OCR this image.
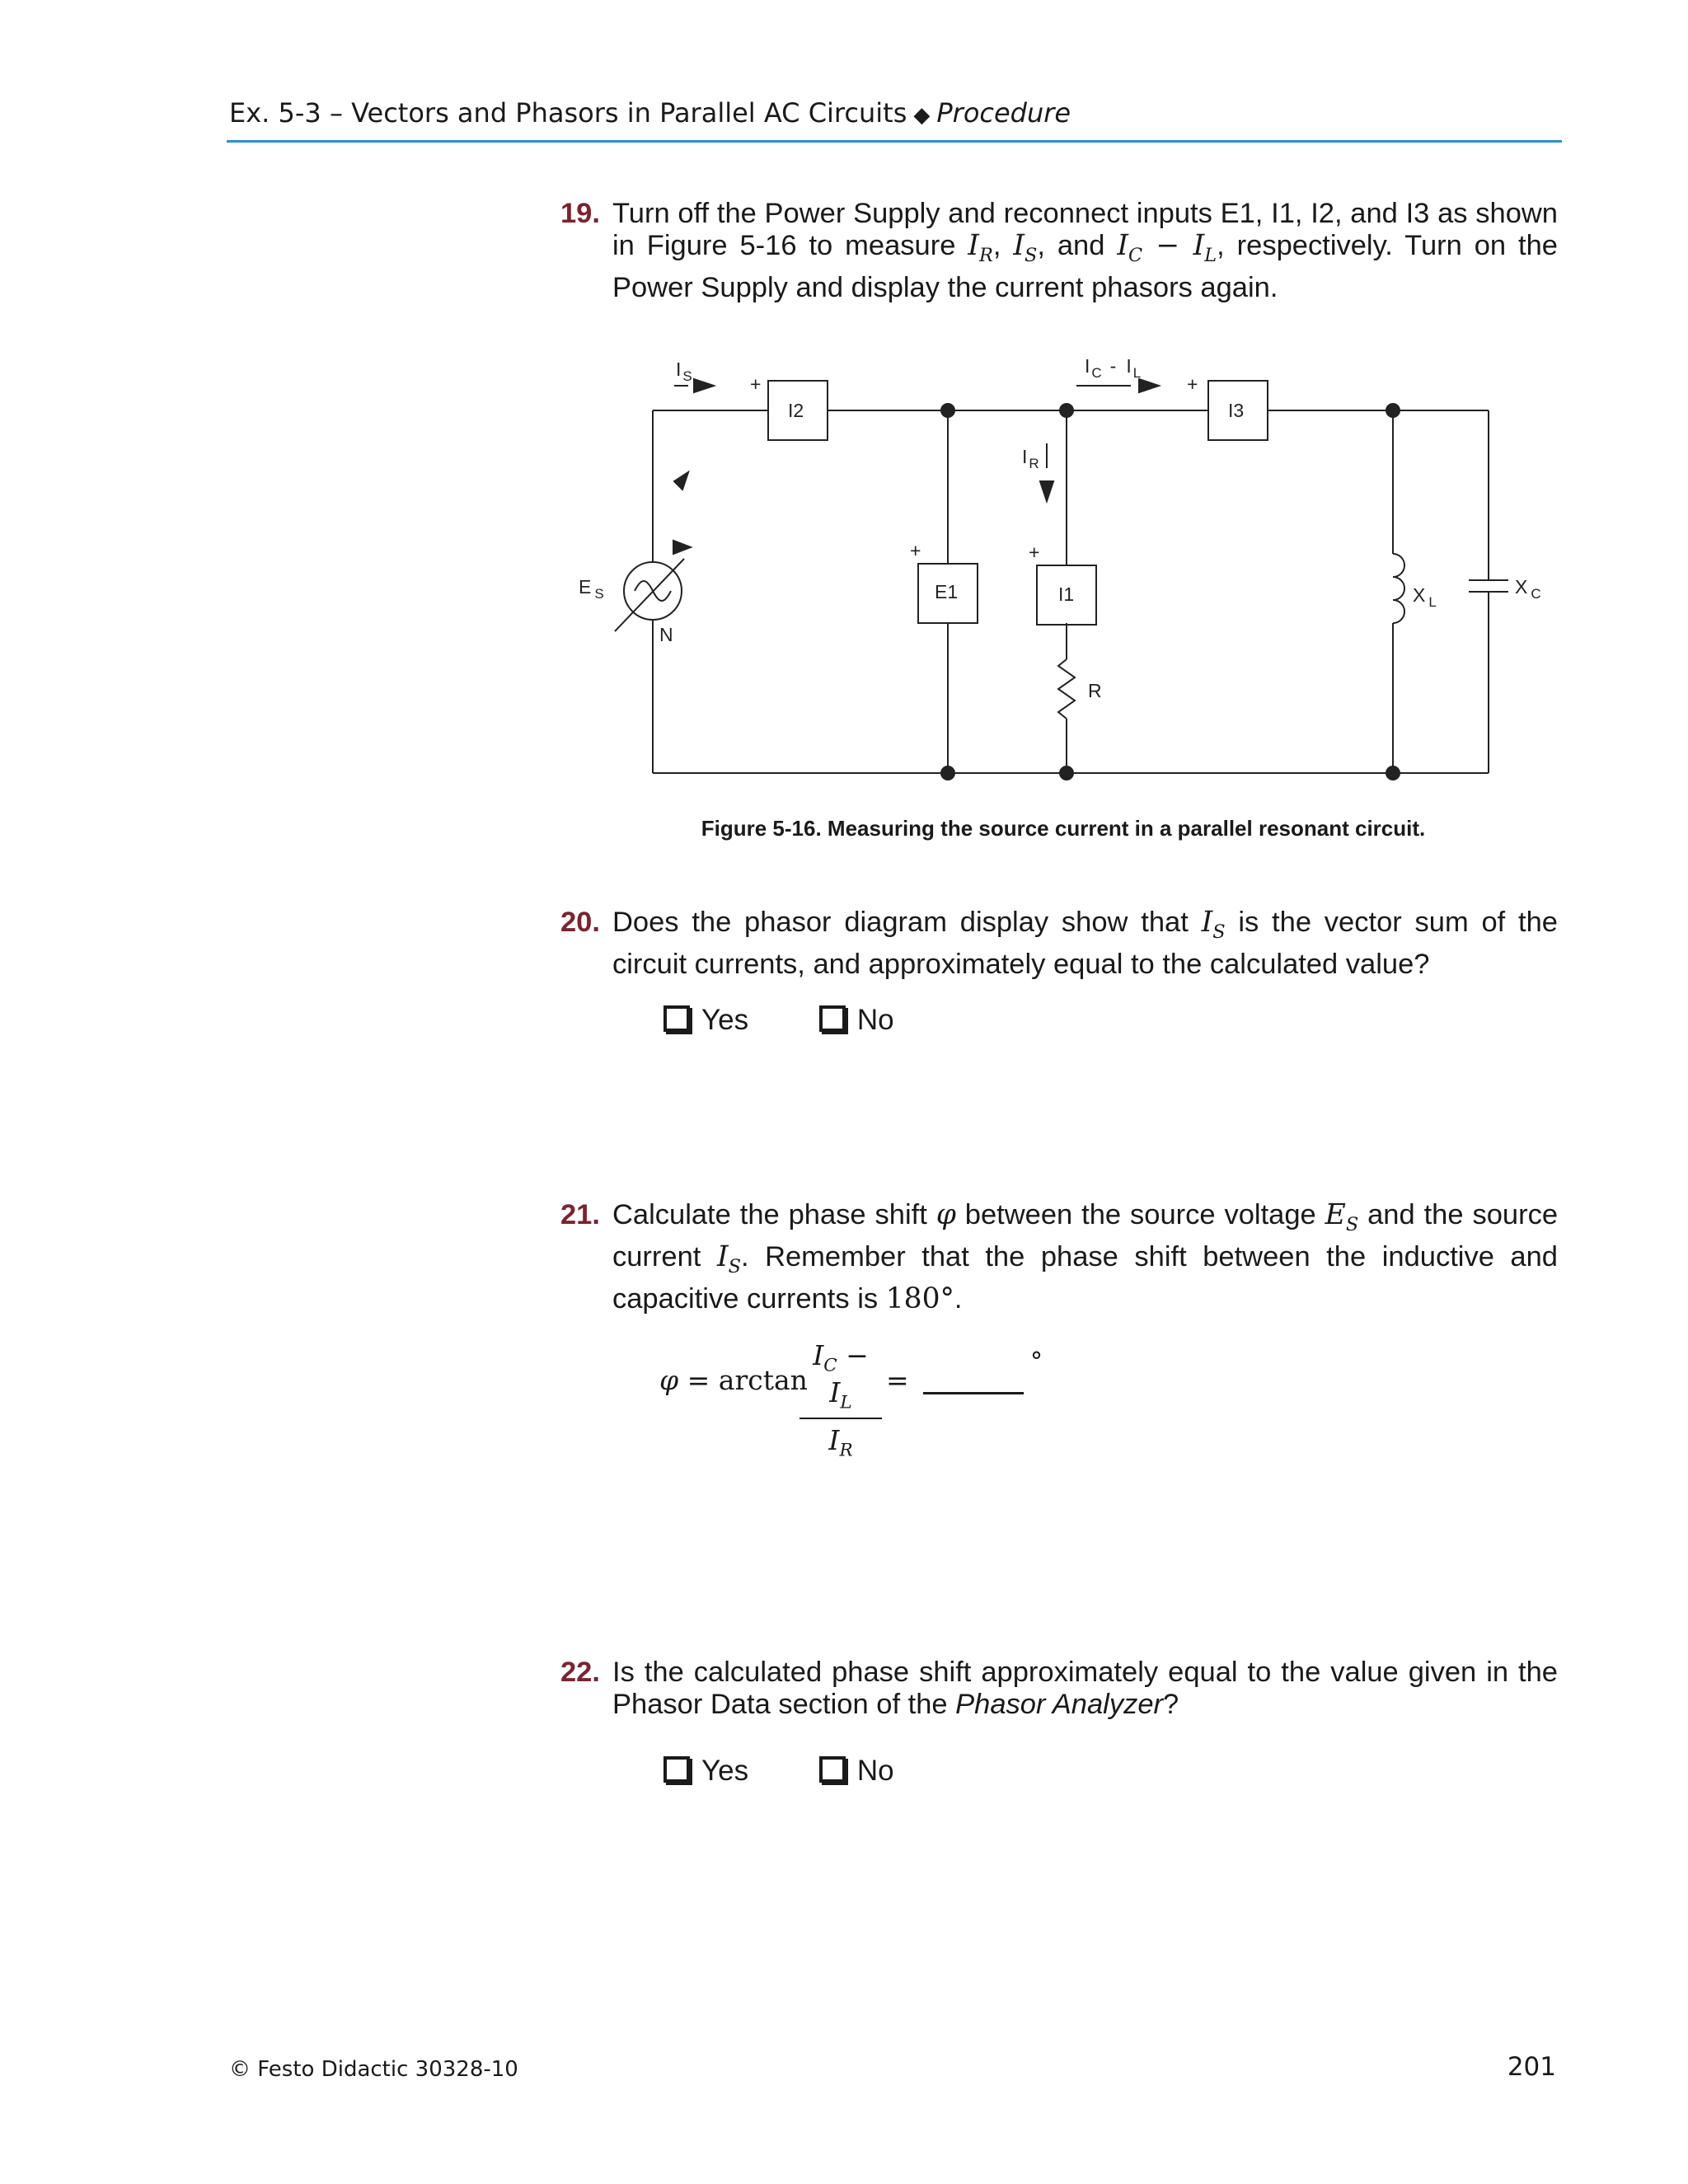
Ex. 5-3 – Vectors and Phasors in Parallel AC Circuits ◆ Procedure
19. Turn off the Power Supply and reconnect inputs E1, I1, I2, and I3 as shown in Figure 5-16 to measure $I_R$, $I_S$, and $I_C - I_L$, respectively. Turn on the Power Supply and display the current phasors again.
I2	I3
E1	I1
+	+
+	+
N
R
E $_S$
I $_S$
I $_R$
I $_C$ - I $_L$
X $_L$
X $_C$
Figure 5-16. Measuring the source current in a parallel resonant circuit.
20. Does the phasor diagram display show that $I_S$ is the vector sum of the circuit currents, and approximately equal to the calculated value?
Yes	No
21. Calculate the phase shift φ between the source voltage $E_S$ and the source current $I_S$. Remember that the phase shift between the inductive and capacitive currents is 180°.
φ = arctan
$I_C - I_L$
$I_R$
=
°
22. Is the calculated phase shift approximately equal to the value given in the Phasor Data section of the Phasor Analyzer?
Yes	No
© Festo Didactic 30328-10	201
